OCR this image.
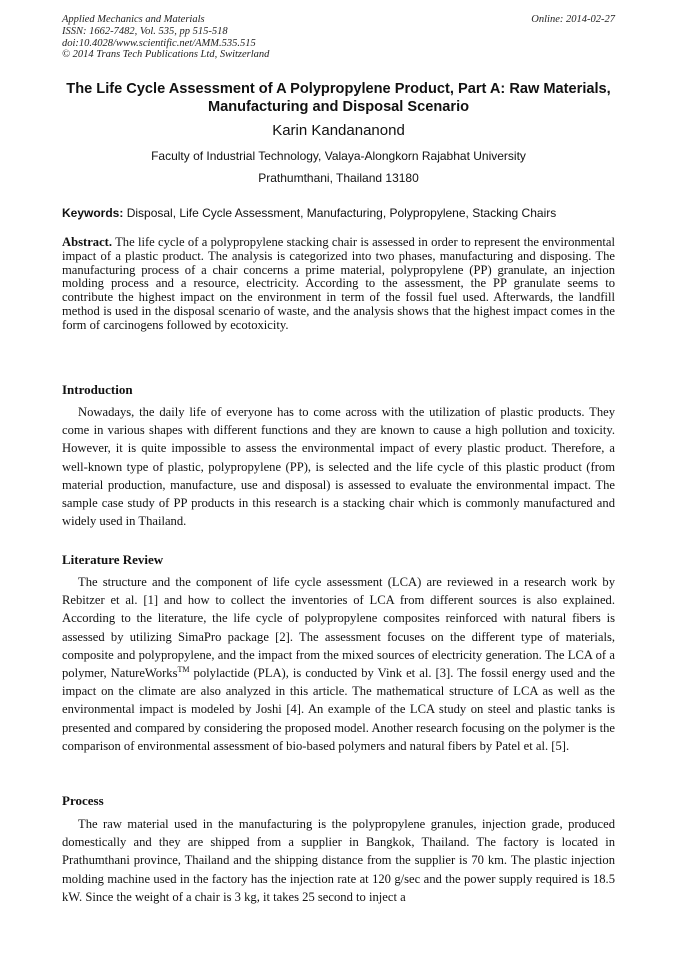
Applied Mechanics and Materials
ISSN: 1662-7482, Vol. 535, pp 515-518
doi:10.4028/www.scientific.net/AMM.535.515
© 2014 Trans Tech Publications Ltd, Switzerland
Online: 2014-02-27
The Life Cycle Assessment of A Polypropylene Product, Part A: Raw Materials, Manufacturing and Disposal Scenario
Karin Kandananond
Faculty of Industrial Technology, Valaya-Alongkorn Rajabhat University
Prathumthani, Thailand 13180
Keywords: Disposal, Life Cycle Assessment, Manufacturing, Polypropylene, Stacking Chairs
Abstract. The life cycle of a polypropylene stacking chair is assessed in order to represent the environmental impact of a plastic product. The analysis is categorized into two phases, manufacturing and disposing. The manufacturing process of a chair concerns a prime material, polypropylene (PP) granulate, an injection molding process and a resource, electricity. According to the assessment, the PP granulate seems to contribute the highest impact on the environment in term of the fossil fuel used. Afterwards, the landfill method is used in the disposal scenario of waste, and the analysis shows that the highest impact comes in the form of carcinogens followed by ecotoxicity.
Introduction
Nowadays, the daily life of everyone has to come across with the utilization of plastic products. They come in various shapes with different functions and they are known to cause a high pollution and toxicity. However, it is quite impossible to assess the environmental impact of every plastic product. Therefore, a well-known type of plastic, polypropylene (PP), is selected and the life cycle of this plastic product (from material production, manufacture, use and disposal) is assessed to evaluate the environmental impact. The sample case study of PP products in this research is a stacking chair which is commonly manufactured and widely used in Thailand.
Literature Review
The structure and the component of life cycle assessment (LCA) are reviewed in a research work by Rebitzer et al. [1] and how to collect the inventories of LCA from different sources is also explained. According to the literature, the life cycle of polypropylene composites reinforced with natural fibers is assessed by utilizing SimaPro package [2]. The assessment focuses on the different type of materials, composite and polypropylene, and the impact from the mixed sources of electricity generation. The LCA of a polymer, NatureWorks™ polylactide (PLA), is conducted by Vink et al. [3]. The fossil energy used and the impact on the climate are also analyzed in this article. The mathematical structure of LCA as well as the environmental impact is modeled by Joshi [4]. An example of the LCA study on steel and plastic tanks is presented and compared by considering the proposed model. Another research focusing on the polymer is the comparison of environmental assessment of bio-based polymers and natural fibers by Patel et al. [5].
Process
The raw material used in the manufacturing is the polypropylene granules, injection grade, produced domestically and they are shipped from a supplier in Bangkok, Thailand. The factory is located in Prathumthani province, Thailand and the shipping distance from the supplier is 70 km. The plastic injection molding machine used in the factory has the injection rate at 120 g/sec and the power supply required is 18.5 kW. Since the weight of a chair is 3 kg, it takes 25 second to inject a
